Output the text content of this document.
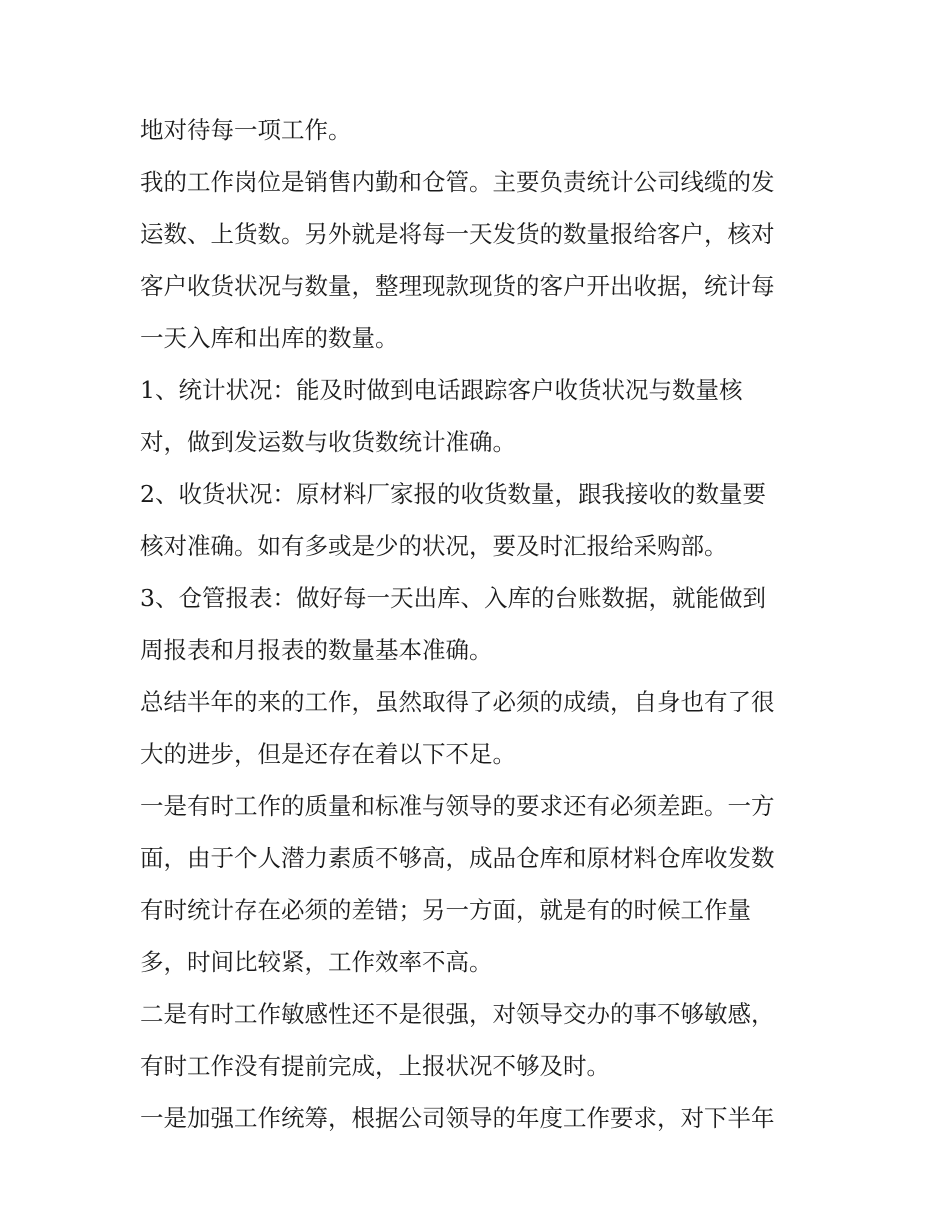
地对待每一项工作。

我的工作岗位是销售内勤和仓管。主要负责统计公司线缆的发
运数、上货数。另外就是将每一天发货的数量报给客户，核对
客户收货状况与数量，整理现款现货的客户开出收据，统计每
一天入库和出库的数量。

1、统计状况：能及时做到电话跟踪客户收货状况与数量核
对，做到发运数与收货数统计准确。

2、收货状况：原材料厂家报的收货数量，跟我接收的数量要
核对准确。如有多或是少的状况，要及时汇报给采购部。

3、仓管报表：做好每一天出库、入库的台账数据，就能做到
周报表和月报表的数量基本准确。

总结半年的来的工作，虽然取得了必须的成绩，自身也有了很
大的进步，但是还存在着以下不足。

一是有时工作的质量和标准与领导的要求还有必须差距。一方
面，由于个人潜力素质不够高，成品仓库和原材料仓库收发数
有时统计存在必须的差错；另一方面，就是有的时候工作量
多，时间比较紧，工作效率不高。

二是有时工作敏感性还不是很强，对领导交办的事不够敏感，
有时工作没有提前完成，上报状况不够及时。

一是加强工作统筹，根据公司领导的年度工作要求，对下半年
